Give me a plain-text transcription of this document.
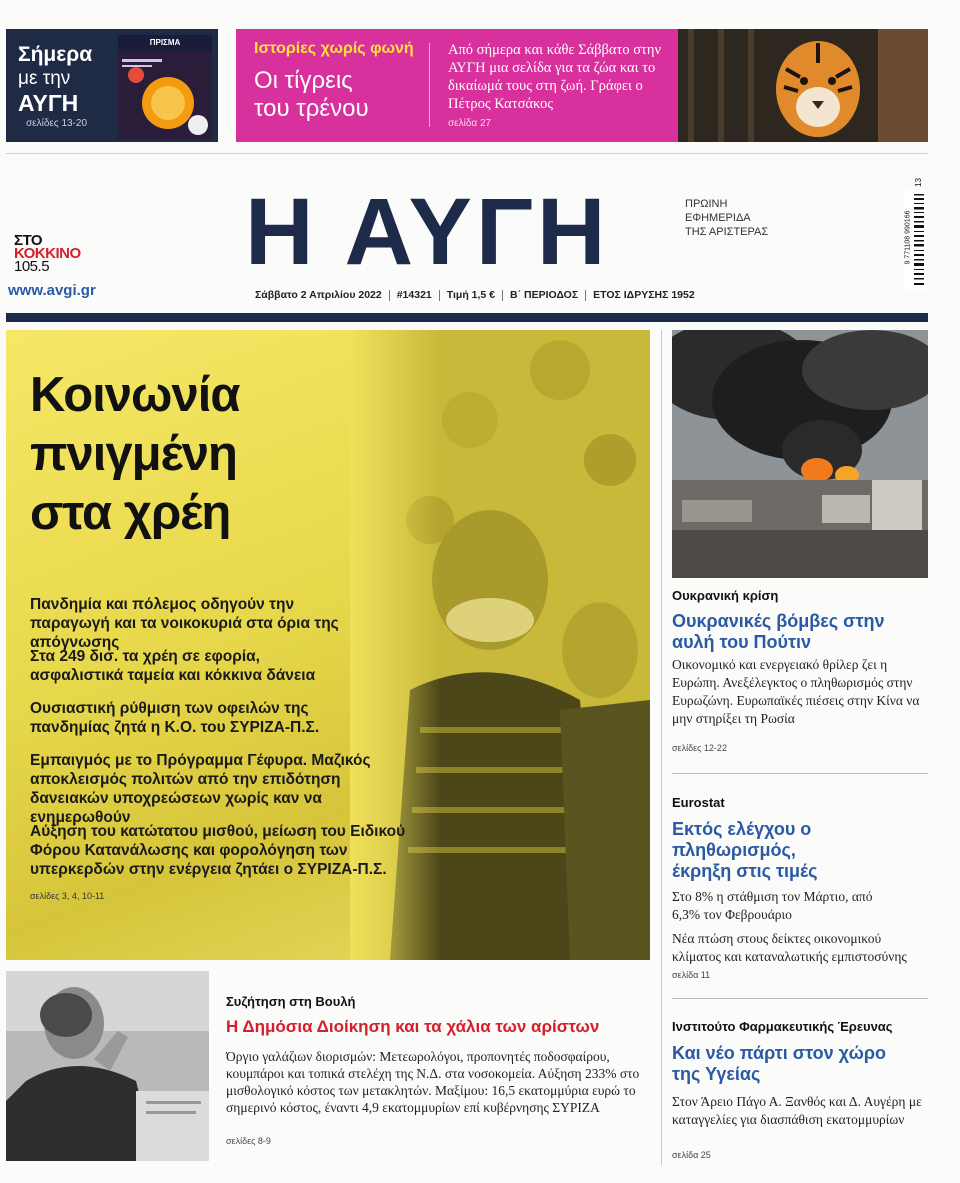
Σήμερα
με την
ΑΥΓΗ
σελίδες 13-20
ΠΡΙΣΜΑ	Ιστορίες χωρίς φωνή
Οι τίγρεις
του τρένου
Από σήμερα και κάθε Σάββατο στην ΑΥΓΗ μια σελίδα για τα ζώα και το δικαίωμά τους στη ζωή. Γράφει ο Πέτρος Κατσάκος
σελίδα 27
ΣΤΟ
ΚΟΚΚΙΝΟ
105.5
www.avgi.gr
Η ΑΥΓΗ	ΠΡΩΙΝΗ
ΕΦΗΜΕΡΙΔΑ
ΤΗΣ ΑΡΙΣΤΕΡΑΣ
Σάββατο 2 Απριλίου 2022 #14321 Τιμή 1,5 € Β΄ ΠΕΡΙΟΔΟΣ ΕΤΟΣ ΙΔΡΥΣΗΣ 1952
9 771108 990166
13
Κοινωνία
πνιγμένη
στα χρέη
Πανδημία και πόλεμος οδηγούν την παραγωγή και τα νοικοκυριά στα όρια της απόγνωσης
Στα 249 δισ. τα χρέη σε εφορία, ασφαλιστικά ταμεία και κόκκινα δάνεια
Ουσιαστική ρύθμιση των οφειλών της πανδημίας ζητά η Κ.Ο. του ΣΥΡΙΖΑ-Π.Σ.
Εμπαιγμός με το Πρόγραμμα Γέφυρα. Μαζικός αποκλεισμός πολιτών από την επιδότηση δανειακών υποχρεώσεων χωρίς καν να ενημερωθούν
Αύξηση του κατώτατου μισθού, μείωση του Ειδικού Φόρου Κατανάλωσης και φορολόγηση των υπερκερδών στην ενέργεια ζητάει ο ΣΥΡΙΖΑ-Π.Σ.
σελίδες 3, 4, 10-11
Ουκρανική κρίση
Ουκρανικές βόμβες στην αυλή του Πούτιν
Οικονομικό και ενεργειακό θρίλερ ζει η Ευρώπη. Ανεξέλεγκτος ο πληθωρισμός στην Ευρωζώνη. Ευρωπαϊκές πιέσεις στην Κίνα να μην στηρίξει τη Ρωσία
σελίδες 12-22
Eurostat
Εκτός ελέγχου ο πληθωρισμός, έκρηξη στις τιμές
Στο 8% η στάθμιση τον Μάρτιο, από 6,3% τον Φεβρουάριο
Νέα πτώση στους δείκτες οικονομικού κλίματος και καταναλωτικής εμπιστοσύνης
σελίδα 11
Ινστιτούτο Φαρμακευτικής Έρευνας
Και νέο πάρτι στον χώρο της Υγείας
Στον Άρειο Πάγο Α. Ξανθός και Δ. Αυγέρη με καταγγελίες για διασπάθιση εκατομμυρίων
σελίδα 25
Συζήτηση στη Βουλή
Η Δημόσια Διοίκηση και τα χάλια των αρίστων
Όργιο γαλάζιων διορισμών: Μετεωρολόγοι, προπονητές ποδοσφαίρου, κουμπάροι και τοπικά στελέχη της Ν.Δ. στα νοσοκομεία. Αύξηση 233% στο μισθολογικό κόστος των μετακλητών. Μαξίμου: 16,5 εκατομμύρια ευρώ το σημερινό κόστος, έναντι 4,9 εκατομμυρίων επί κυβέρνησης ΣΥΡΙΖΑ
σελίδες 8-9
